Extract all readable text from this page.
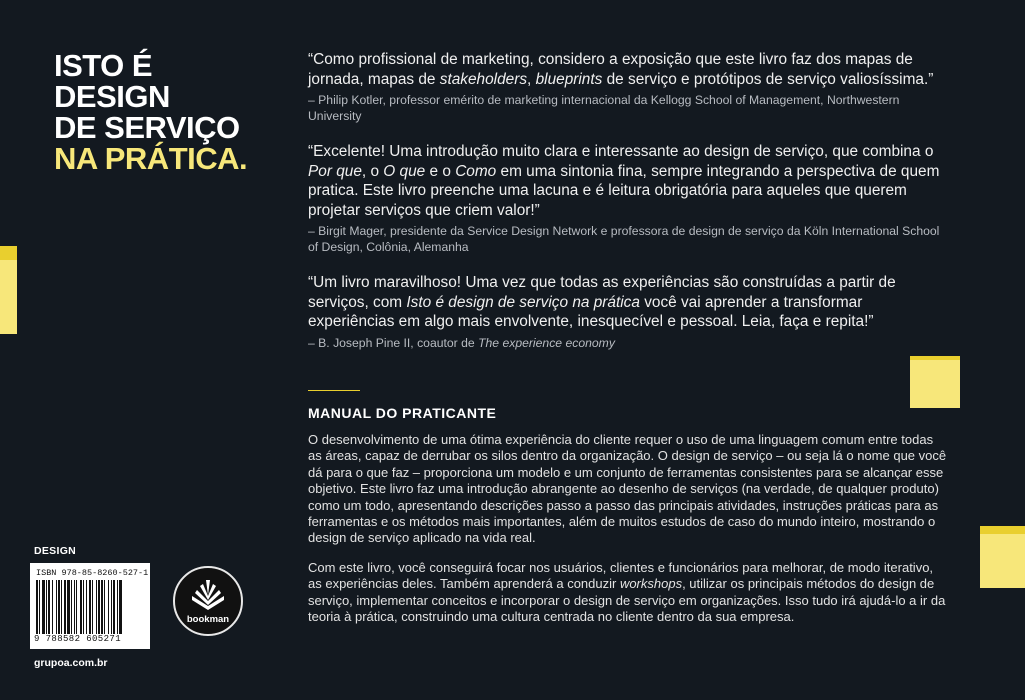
ISTO É
DESIGN
DE SERVIÇO
NA PRÁTICA.
“Como profissional de marketing, considero a exposição que este livro faz dos mapas de jornada, mapas de stakeholders, blueprints de serviço e protótipos de serviço valiosíssima.”
– Philip Kotler, professor emérito de marketing internacional da Kellogg School of Management, Northwestern University
“Excelente! Uma introdução muito clara e interessante ao design de serviço, que combina o Por que, o O que e o Como em uma sintonia fina, sempre integrando a perspectiva de quem pratica. Este livro preenche uma lacuna e é leitura obrigatória para aqueles que querem projetar serviços que criem valor!”
– Birgit Mager, presidente da Service Design Network e professora de design de serviço da Köln International School of Design, Colônia, Alemanha
“Um livro maravilhoso! Uma vez que todas as experiências são construídas a partir de serviços, com Isto é design de serviço na prática você vai aprender a transformar experiências em algo mais envolvente, inesquecível e pessoal. Leia, faça e repita!”
– B. Joseph Pine II, coautor de The experience economy
MANUAL DO PRATICANTE

O desenvolvimento de uma ótima experiência do cliente requer o uso de uma linguagem comum entre todas as áreas, capaz de derrubar os silos dentro da organização. O design de serviço – ou seja lá o nome que você dá para o que faz – proporciona um modelo e um conjunto de ferramentas consistentes para se alcançar esse objetivo. Este livro faz uma introdução abrangente ao desenho de serviços (na verdade, de qualquer produto) como um todo, apresentando descrições passo a passo das principais atividades, instruções práticas para as ferramentas e os métodos mais importantes, além de muitos estudos de caso do mundo inteiro, mostrando o design de serviço aplicado na vida real.

Com este livro, você conseguirá focar nos usuários, clientes e funcionários para melhorar, de modo iterativo, as experiências deles. Também aprenderá a conduzir workshops, utilizar os principais métodos do design de serviço, implementar conceitos e incorporar o design de serviço em organizações. Isso tudo irá ajudá-lo a ir da teoria à prática, construindo uma cultura centrada no cliente dentro da sua empresa.

DESIGN
ISBN 978-85-8260-527-1
9 788582 605271
grupoa.com.br
bookman
